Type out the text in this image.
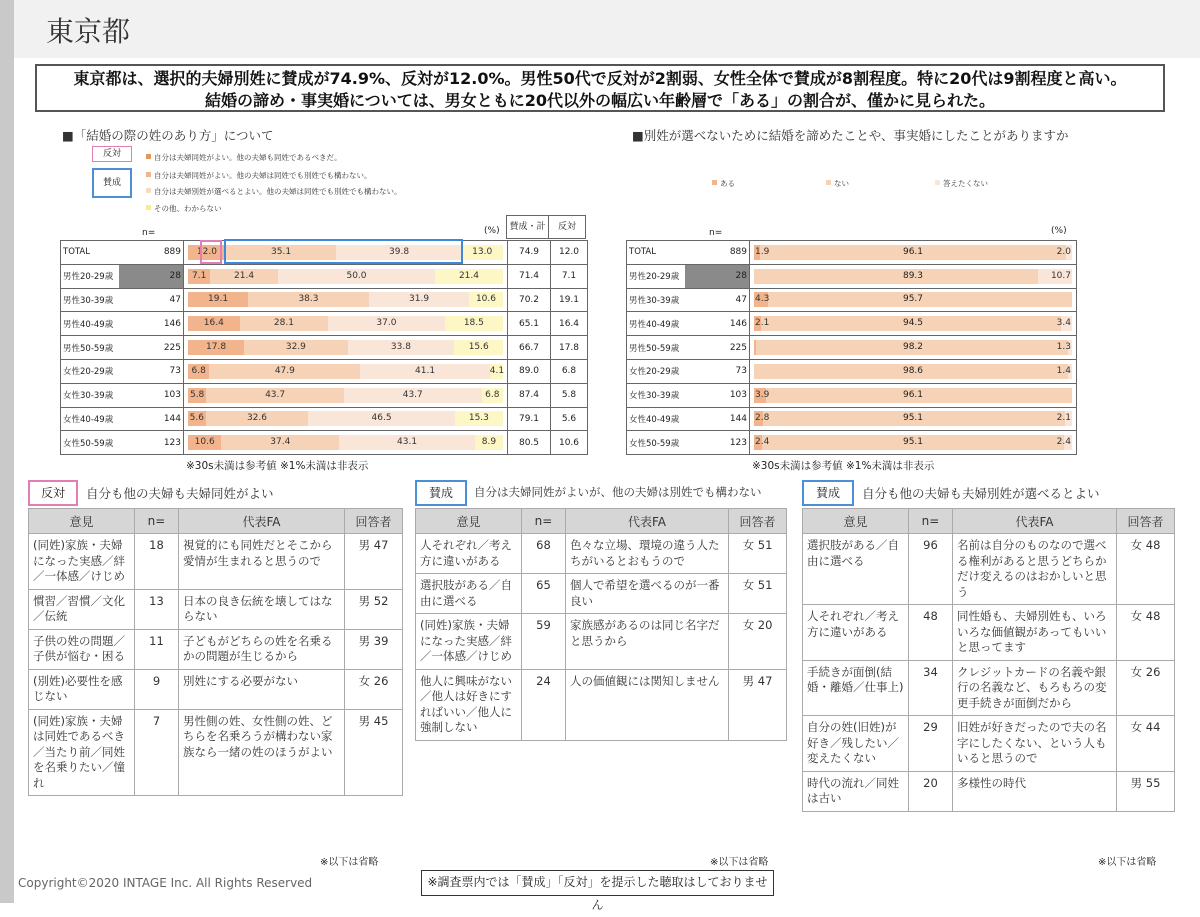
東京都
東京都は、選択的夫婦別姓に賛成が74.9%、反対が12.0%。男性50代で反対が2割弱、女性全体で賛成が8割程度。特に20代は9割程度と高い。
結婚の諦め・事実婚については、男女ともに20代以外の幅広い年齢層で「ある」の割合が、僅かに見られた。
■「結婚の際の姓のあり方」について
反対
賛成
自分は夫婦同姓がよい。他の夫婦も同姓であるべきだ。
自分は夫婦同姓がよい。他の夫婦は同姓でも別姓でも構わない。
自分は夫婦別姓が選べるとよい。他の夫婦は同姓でも別姓でも構わない。
その他、わからない
n=	(%)	賛成・計	反対
TOTAL	889	12.0 35.1 39.8 13.0	74.9	12.0
男性20-29歳	28	7.1 21.4 50.0 21.4	71.4	7.1
男性30-39歳	47	19.1 38.3 31.9 10.6	70.2	19.1
男性40-49歳	146	16.4 28.1 37.0 18.5	65.1	16.4
男性50-59歳	225	17.8 32.9 33.8 15.6	66.7	17.8
女性20-29歳	73	6.8 47.9 41.1 4.1	89.0	6.8
女性30-39歳	103	5.8 43.7 43.7 6.8	87.4	5.8
女性40-49歳	144	5.6 32.6 46.5 15.3	79.1	5.6
女性50-59歳	123	10.6 37.4 43.1 8.9	80.5	10.6
※30s未満は参考値 ※1%未満は非表示
■別姓が選べないために結婚を諦めたことや、事実婚にしたことがありますか
ある	ない	答えたくない
n=	(%)
TOTAL	889	1.9 96.1 2.0

男性20-29歳	28	89.3 10.7

男性30-39歳	47	4.3 95.7

男性40-49歳	146	2.1 94.5 3.4

男性50-59歳	225	98.2 1.3

女性20-29歳	73	98.6 1.4

女性30-39歳	103	3.9 96.1

女性40-49歳	144	2.8 95.1 2.1

女性50-59歳	123	2.4 95.1 2.4
※30s未満は参考値 ※1%未満は非表示
反対	自分も他の夫婦も夫婦同姓がよい
意見	n=	代表FA	回答者
(同姓)家族・夫婦になった実感／絆／一体感／けじめ	18	視覚的にも同姓だとそこから愛情が生まれると思うので	男 47
慣習／習慣／文化／伝統	13	日本の良き伝統を壊してはならない	男 52
子供の姓の問題／子供が悩む・困る	11	子どもがどちらの姓を名乗るかの問題が生じるから	男 39
(別姓)必要性を感じない	9	別姓にする必要がない	女 26
(同姓)家族・夫婦は同姓であるべき／当たり前／同姓を名乗りたい／憧れ	7	男性側の姓、女性側の姓、どちらを名乗ろうが構わない家族なら一緒の姓のほうがよい	男 45
※以下は省略
賛成	自分は夫婦同姓がよいが、他の夫婦は別姓でも構わない
意見	n=	代表FA	回答者
人それぞれ／考え方に違いがある	68	色々な立場、環境の違う人たちがいるとおもうので	女 51
選択肢がある／自由に選べる	65	個人で希望を選べるのが一番良い	女 51
(同姓)家族・夫婦になった実感／絆／一体感／けじめ	59	家族感があるのは同じ名字だと思うから	女 20
他人に興味がない／他人は好きにすればいい／他人に強制しない	24	人の価値観には関知しません	男 47
※以下は省略
賛成	自分も他の夫婦も夫婦別姓が選べるとよい
意見	n=	代表FA	回答者
選択肢がある／自由に選べる	96	名前は自分のものなので選べる権利があると思うどちらかだけ変えるのはおかしいと思う	女 48
人それぞれ／考え方に違いがある	48	同性婚も、夫婦別姓も、いろいろな価値観があってもいいと思ってます	女 48
手続きが面倒(結婚・離婚／仕事上)	34	クレジットカードの名義や銀行の名義など、もろもろの変更手続きが面倒だから	女 26
自分の姓(旧姓)が好き／残したい／変えたくない	29	旧姓が好きだったので夫の名字にしたくない、という人もいると思うので	女 44
時代の流れ／同姓は古い	20	多様性の時代	男 55
※以下は省略
Copyright©2020 INTAGE Inc. All Rights Reserved	※調査票内では「賛成」「反対」を提示した聴取はしておりません
